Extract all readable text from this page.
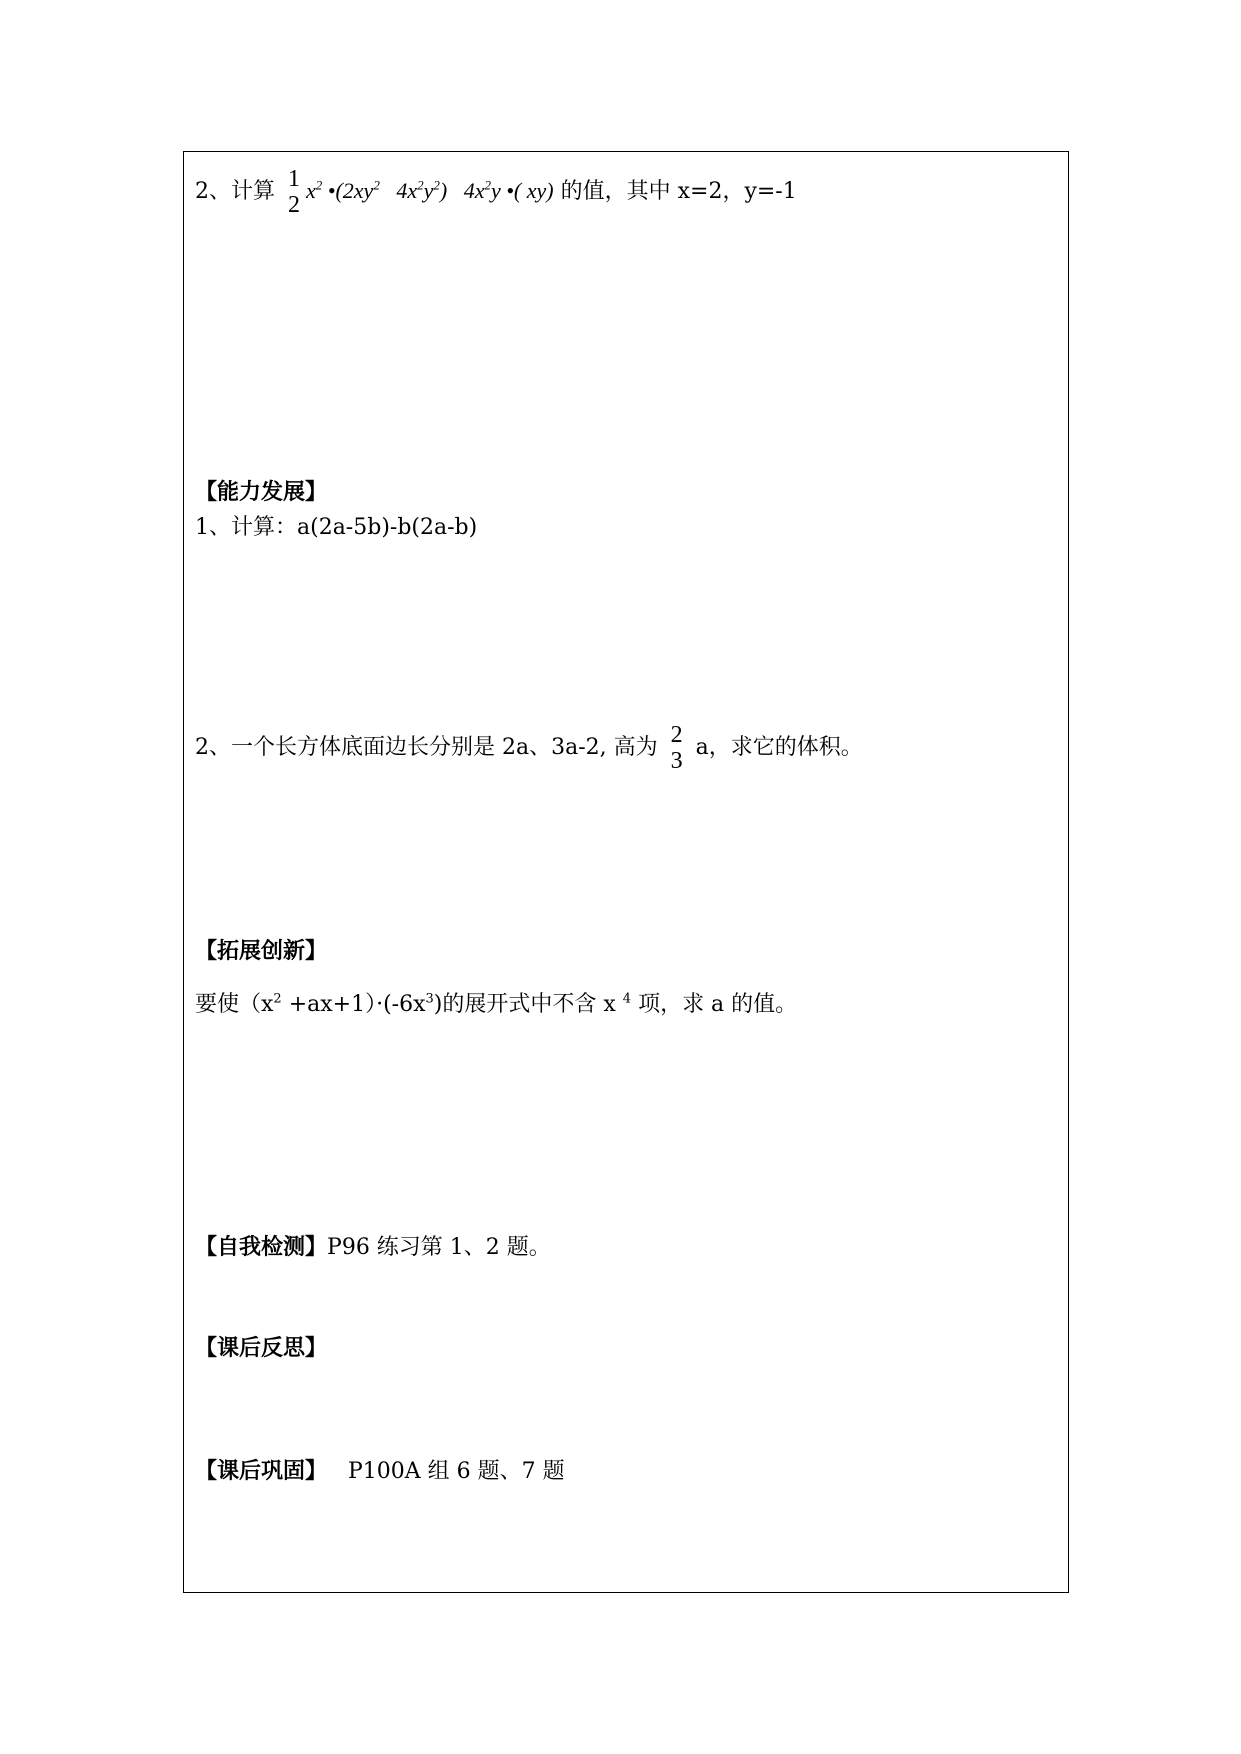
2、计算 1
2
$x^2$ $•(2xy^2$ $4x^2y^2$) $4x^2y$ •( xy) 的值，其中 x=2，y=-1
【能力发展】
1、计算：a(2a-5b)-b(2a-b)
2、一个长方体底面边长分别是 2a、3a-2, 高为 2
3
a，求它的体积。
【拓展创新】
要使$(x^2 +ax+1)\cdot(-6x^3)$的展开式中不含 x $^4$ 项，求 a 的值。
【自我检测】P96 练习第 1、2 题。
【课后反思】
【课后巩固】 P100A 组 6 题、7 题
